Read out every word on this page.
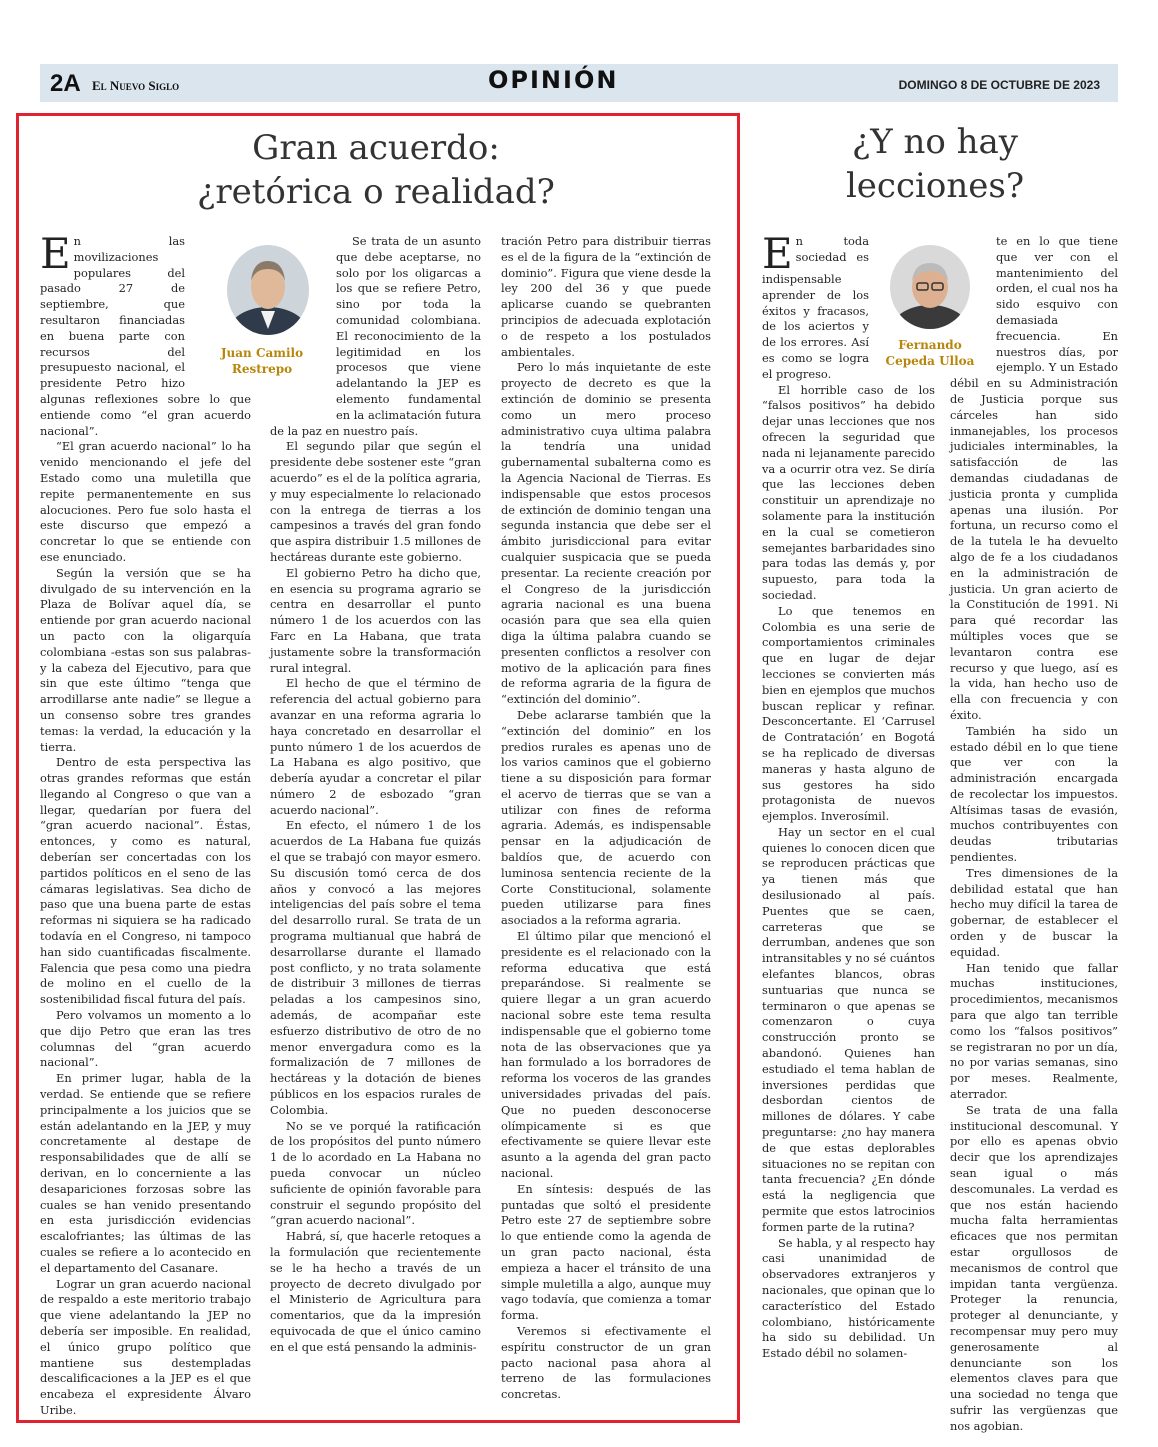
2A El Nuevo Siglo	OPINIÓN	DOMINGO 8 DE OCTUBRE DE 2023
Gran acuerdo:
¿retórica o realidad?
Juan Camilo
Restrepo
E n las movilizaciones populares del pasado 27 de septiembre, que resultaron financiadas en buena parte con recursos del presupuesto nacional, el presidente Petro hizo algunas reflexiones sobre lo que entiende como “el gran acuerdo nacional”.

“El gran acuerdo nacional” lo ha venido mencionando el jefe del Estado como una muletilla que repite permanentemente en sus alocuciones. Pero fue solo hasta el este discurso que empezó a concretar lo que se entiende con ese enunciado.

Según la versión que se ha divulgado de su intervención en la Plaza de Bolívar aquel día, se entiende por gran acuerdo nacional un pacto con la oligarquía colombiana -estas son sus palabras- y la cabeza del Ejecutivo, para que sin que este último “tenga que arrodillarse ante nadie” se llegue a un consenso sobre tres grandes temas: la verdad, la educación y la tierra.

Dentro de esta perspectiva las otras grandes reformas que están llegando al Congreso o que van a llegar, quedarían por fuera del “gran acuerdo nacional”. Éstas, entonces, y como es natural, deberían ser concertadas con los partidos políticos en el seno de las cámaras legislativas. Sea dicho de paso que una buena parte de estas reformas ni siquiera se ha radicado todavía en el Congreso, ni tampoco han sido cuantificadas fiscalmente. Falencia que pesa como una piedra de molino en el cuello de la sostenibilidad fiscal futura del país.

Pero volvamos un momento a lo que dijo Petro que eran las tres columnas del “gran acuerdo nacional”.

En primer lugar, habla de la verdad. Se entiende que se refiere principalmente a los juicios que se están adelantando en la JEP, y muy concretamente al destape de responsabilidades que de allí se derivan, en lo concerniente a las desapariciones forzosas sobre las cuales se han venido presentando en esta jurisdicción evidencias escalofriantes; las últimas de las cuales se refiere a lo acontecido en el departamento del Casanare.

Lograr un gran acuerdo nacional de respaldo a este meritorio trabajo que viene adelantando la JEP no debería ser imposible. En realidad, el único grupo político que mantiene sus destempladas descalificaciones a la JEP es el que encabeza el expresidente Álvaro Uribe.

Se trata de un asunto que debe aceptarse, no solo por los oligarcas a los que se refiere Petro, sino por toda la comunidad colombiana. El reconocimiento de la legitimidad en los procesos que viene adelantando la JEP es elemento fundamental en la aclimatación futura de la paz en nuestro país.

El segundo pilar que según el presidente debe sostener este “gran acuerdo” es el de la política agraria, y muy especialmente lo relacionado con la entrega de tierras a los campesinos a través del gran fondo que aspira distribuir 1.5 millones de hectáreas durante este gobierno.

El gobierno Petro ha dicho que, en esencia su programa agrario se centra en desarrollar el punto número 1 de los acuerdos con las Farc en La Habana, que trata justamente sobre la transformación rural integral.

El hecho de que el término de referencia del actual gobierno para avanzar en una reforma agraria lo haya concretado en desarrollar el punto número 1 de los acuerdos de La Habana es algo positivo, que debería ayudar a concretar el pilar número 2 de esbozado “gran acuerdo nacional”.

En efecto, el número 1 de los acuerdos de La Habana fue quizás el que se trabajó con mayor esmero. Su discusión tomó cerca de dos años y convocó a las mejores inteligencias del país sobre el tema del desarrollo rural. Se trata de un programa multianual que habrá de desarrollarse durante el llamado post conflicto, y no trata solamente de distribuir 3 millones de tierras peladas a los campesinos sino, además, de acompañar este esfuerzo distributivo de otro de no menor envergadura como es la formalización de 7 millones de hectáreas y la dotación de bienes públicos en los espacios rurales de Colombia.

No se ve porqué la ratificación de los propósitos del punto número 1 de lo acordado en La Habana no pueda convocar un núcleo suficiente de opinión favorable para construir el segundo propósito del “gran acuerdo nacional”.

Habrá, sí, que hacerle retoques a la formulación que recientemente se le ha hecho a través de un proyecto de decreto divulgado por el Ministerio de Agricultura para comentarios, que da la impresión equivocada de que el único camino en el que está pensando la adminis-

tración Petro para distribuir tierras es el de la figura de la “extinción de dominio”. Figura que viene desde la ley 200 del 36 y que puede aplicarse cuando se quebranten principios de adecuada explotación o de respeto a los postulados ambientales.

Pero lo más inquietante de este proyecto de decreto es que la extinción de dominio se presenta como un mero proceso administrativo cuya ultima palabra la tendría una unidad gubernamental subalterna como es la Agencia Nacional de Tierras. Es indispensable que estos procesos de extinción de dominio tengan una segunda instancia que debe ser el ámbito jurisdiccional para evitar cualquier suspicacia que se pueda presentar. La reciente creación por el Congreso de la jurisdicción agraria nacional es una buena ocasión para que sea ella quien diga la última palabra cuando se presenten conflictos a resolver con motivo de la aplicación para fines de reforma agraria de la figura de “extinción del dominio”.

Debe aclararse también que la “extinción del dominio” en los predios rurales es apenas uno de los varios caminos que el gobierno tiene a su disposición para formar el acervo de tierras que se van a utilizar con fines de reforma agraria. Además, es indispensable pensar en la adjudicación de baldíos que, de acuerdo con luminosa sentencia reciente de la Corte Constitucional, solamente pueden utilizarse para fines asociados a la reforma agraria.

El último pilar que mencionó el presidente es el relacionado con la reforma educativa que está preparándose. Si realmente se quiere llegar a un gran acuerdo nacional sobre este tema resulta indispensable que el gobierno tome nota de las observaciones que ya han formulado a los borradores de reforma los voceros de las grandes universidades privadas del país. Que no pueden desconocerse olímpicamente si es que efectivamente se quiere llevar este asunto a la agenda del gran pacto nacional.

En síntesis: después de las puntadas que soltó el presidente Petro este 27 de septiembre sobre lo que entiende como la agenda de un gran pacto nacional, ésta empieza a hacer el tránsito de una simple muletilla a algo, aunque muy vago todavía, que comienza a tomar forma.

Veremos si efectivamente el espíritu constructor de un gran pacto nacional pasa ahora al terreno de las formulaciones concretas.

¿Y no hay
lecciones?
Fernando
Cepeda Ulloa
E n toda sociedad es indispensable aprender de los éxitos y fracasos, de los aciertos y de los errores. Así es como se logra el progreso.

El horrible caso de los “falsos positivos” ha debido dejar unas lecciones que nos ofrecen la seguridad que nada ni lejanamente parecido va a ocurrir otra vez. Se diría que las lecciones deben constituir un aprendizaje no solamente para la institución en la cual se cometieron semejantes barbaridades sino para todas las demás y, por supuesto, para toda la sociedad.

Lo que tenemos en Colombia es una serie de comportamientos criminales que en lugar de dejar lecciones se convierten más bien en ejemplos que muchos buscan replicar y refinar. Desconcertante. El ‘Carrusel de Contratación’ en Bogotá se ha replicado de diversas maneras y hasta alguno de sus gestores ha sido protagonista de nuevos ejemplos. Inverosímil.

Hay un sector en el cual quienes lo conocen dicen que se reproducen prácticas que ya tienen más que desilusionado al país. Puentes que se caen, carreteras que se derrumban, andenes que son intransitables y no sé cuántos elefantes blancos, obras suntuarias que nunca se terminaron o que apenas se comenzaron o cuya construcción pronto se abandonó. Quienes han estudiado el tema hablan de inversiones perdidas que desbordan cientos de millones de dólares. Y cabe preguntarse: ¿no hay manera de que estas deplorables situaciones no se repitan con tanta frecuencia? ¿En dónde está la negligencia que permite que estos latrocinios formen parte de la rutina?

Se habla, y al respecto hay casi unanimidad de observadores extranjeros y nacionales, que opinan que lo característico del Estado colombiano, históricamente ha sido su debilidad. Un Estado débil no solamen-

te en lo que tiene que ver con el mantenimiento del orden, el cual nos ha sido esquivo con demasiada frecuencia. En nuestros días, por ejemplo. Y un Estado débil en su Administración de Justicia porque sus cárceles han sido inmanejables, los procesos judiciales interminables, la satisfacción de las demandas ciudadanas de justicia pronta y cumplida apenas una ilusión. Por fortuna, un recurso como el de la tutela le ha devuelto algo de fe a los ciudadanos en la administración de justicia. Un gran acierto de la Constitución de 1991. Ni para qué recordar las múltiples voces que se levantaron contra ese recurso y que luego, así es la vida, han hecho uso de ella con frecuencia y con éxito.

También ha sido un estado débil en lo que tiene que ver con la administración encargada de recolectar los impuestos. Altísimas tasas de evasión, muchos contribuyentes con deudas tributarias pendientes.

Tres dimensiones de la debilidad estatal que han hecho muy difícil la tarea de gobernar, de establecer el orden y de buscar la equidad.

Han tenido que fallar muchas instituciones, procedimientos, mecanismos para que algo tan terrible como los “falsos positivos” se registraran no por un día, no por varias semanas, sino por meses. Realmente, aterrador.

Se trata de una falla institucional descomunal. Y por ello es apenas obvio decir que los aprendizajes sean igual o más descomunales. La verdad es que nos están haciendo mucha falta herramientas eficaces que nos permitan estar orgullosos de mecanismos de control que impidan tanta vergüenza. Proteger la renuncia, proteger al denunciante, y recompensar muy pero muy generosamente al denunciante son los elementos claves para que una sociedad no tenga que sufrir las vergüenzas que nos agobian.
